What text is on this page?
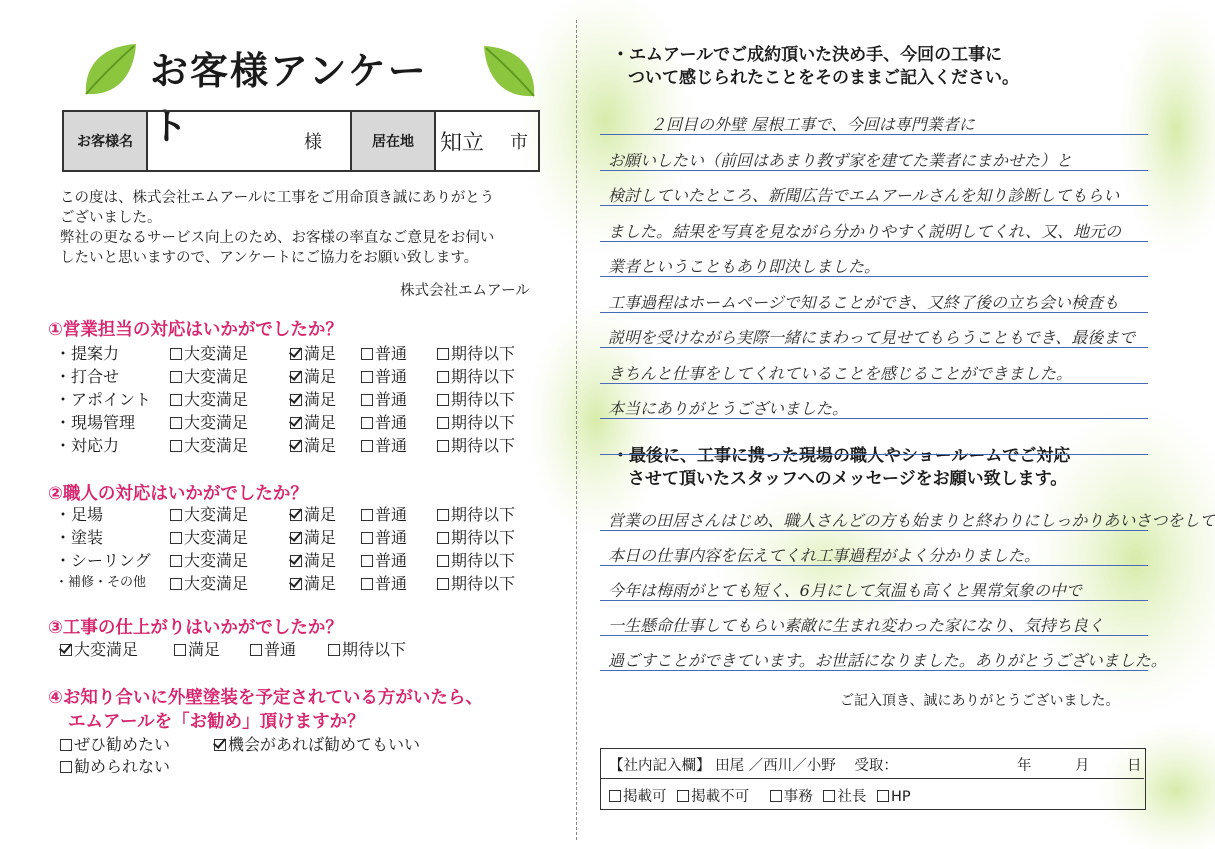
お客様アンケート
お客様名	様	居在地	知立	市
この度は、株式会社エムアールに工事をご用命頂き誠にありがとう
ございました。
弊社の更なるサービス向上のため、お客様の率直なご意見をお伺い
したいと思いますので、アンケートにご協力をお願い致します。
株式会社エムアール
①営業担当の対応はいかがでしたか？
・提案力	大変満足	満足	普通	期待以下
・打合せ	大変満足	満足	普通	期待以下
・アポイント	大変満足	満足	普通	期待以下
・現場管理	大変満足	満足	普通	期待以下
・対応力	大変満足	満足	普通	期待以下
②職人の対応はいかがでしたか？
・足場	大変満足	満足	普通	期待以下
・塗装	大変満足	満足	普通	期待以下
・シーリング	大変満足	満足	普通	期待以下
・補修・その他	大変満足	満足	普通	期待以下
③工事の仕上がりはいかがでしたか？
大変満足	満足	普通	期待以下
④お知り合いに外壁塗装を予定されている方がいたら、
エムアールを「お勧め」頂けますか？
ぜひ勧めたい	機会があれば勧めてもいい
勧められない
・エムアールでご成約頂いた決め手、今回の工事に
ついて感じられたことをそのままご記入ください。
・最後に、工事に携った現場の職人やショールームでご対応
させて頂いたスタッフへのメッセージをお願い致します。
ご記入頂き、誠にありがとうございました。
【社内記入欄】 田尾 ／西川／小野 受取：	年	月	日
掲載可 掲載不可 事務 社長 HP
２回目の外壁 屋根工事で、今回は専門業者に
お願いしたい（前回はあまり教ず家を建てた業者にまかせた）と
検討していたところ、新聞広告でエムアールさんを知り診断してもらい
ました。結果を写真を見ながら分かりやすく説明してくれ、又、地元の
業者ということもあり即決しました。
工事過程はホームページで知ることができ、又終了後の立ち会い検査も
説明を受けながら実際一緒にまわって見せてもらうこともでき、最後まで
きちんと仕事をしてくれていることを感じることができました。
本当にありがとうございました。
営業の田居さんはじめ、職人さんどの方も始まりと終わりにしっかりあいさつをして
本日の仕事内容を伝えてくれ工事過程がよく分かりました。
今年は梅雨がとても短く、6月にして気温も高くと異常気象の中で
一生懸命仕事してもらい素敵に生まれ変わった家になり、気持ち良く
過ごすことができています。お世話になりました。ありがとうございました。
